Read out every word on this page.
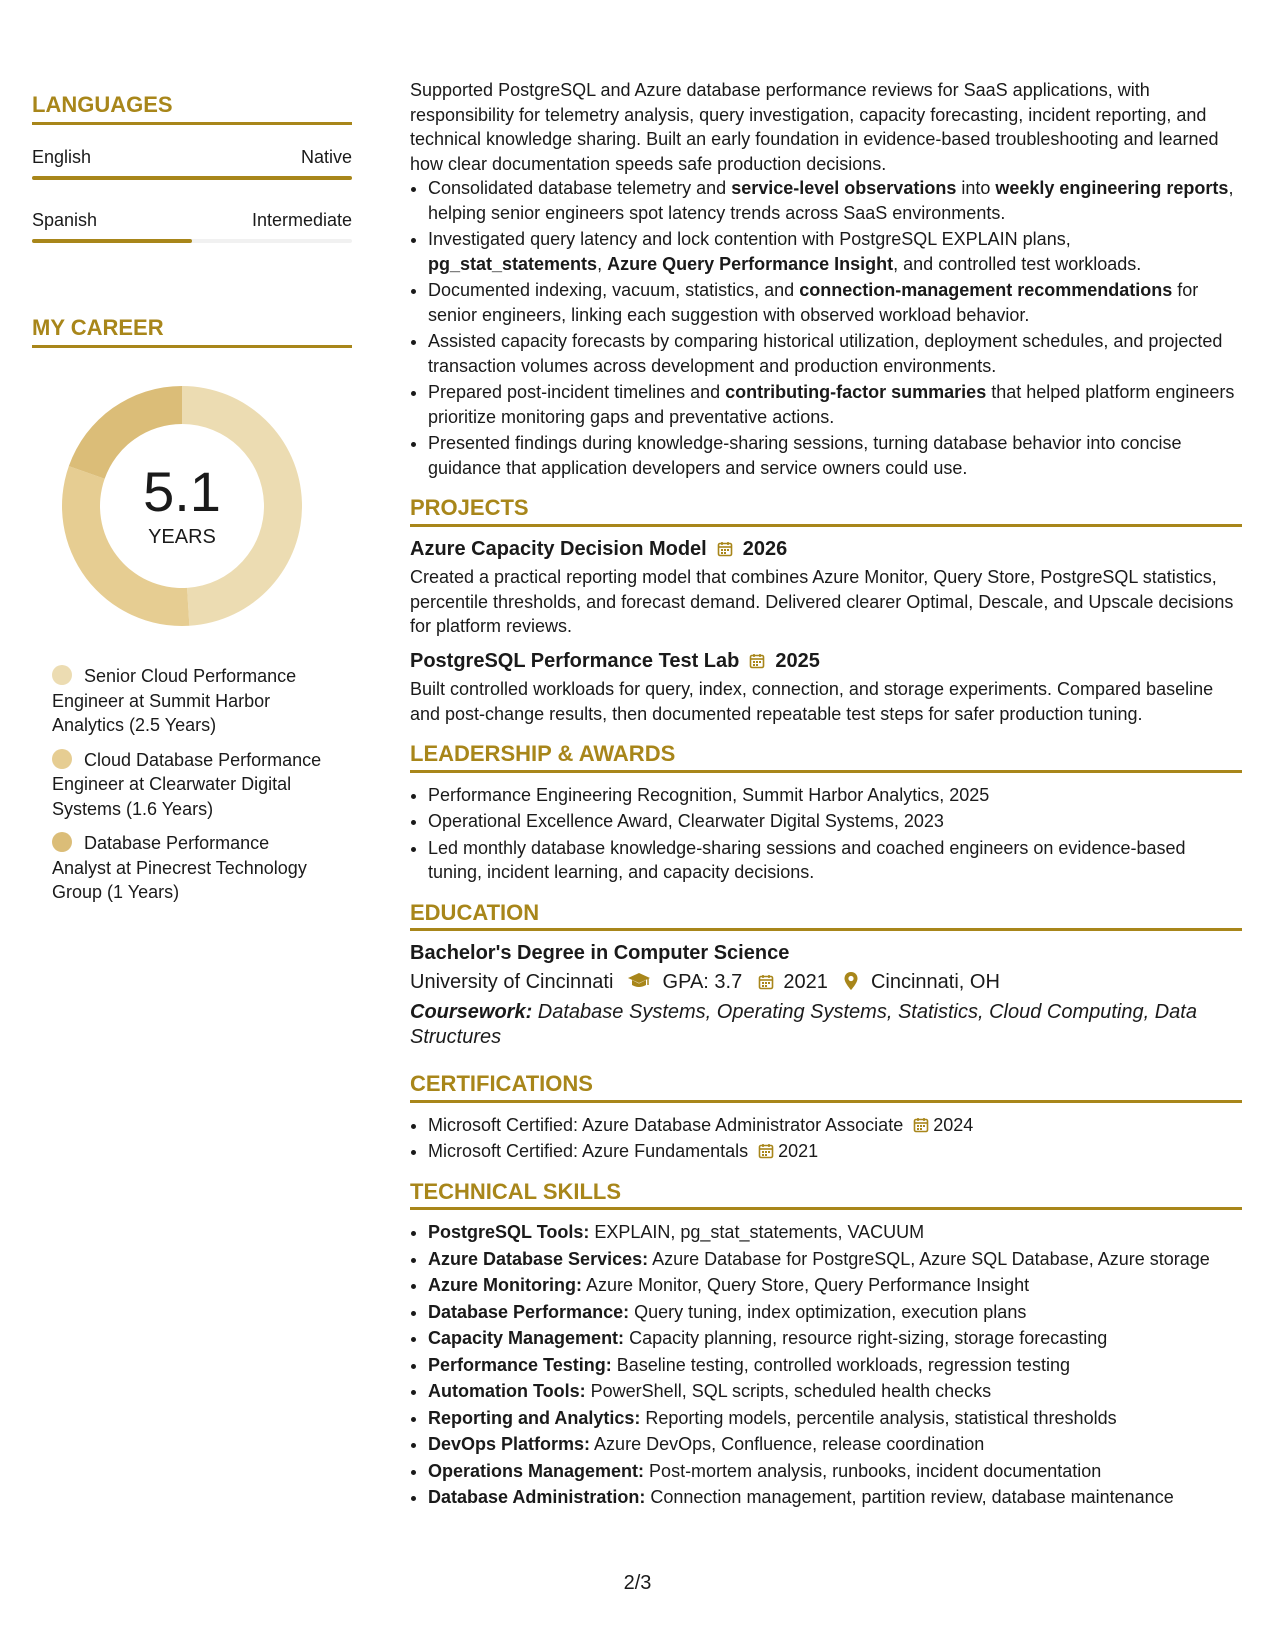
LANGUAGES
English	Native
Spanish	Intermediate
MY CAREER
5.1
YEARS
Senior Cloud Performance Engineer at Summit Harbor Analytics (2.5 Years)
Cloud Database Performance Engineer at Clearwater Digital Systems (1.6 Years)
Database Performance Analyst at Pinecrest Technology Group (1 Years)

Supported PostgreSQL and Azure database performance reviews for SaaS applications, with responsibility for telemetry analysis, query investigation, capacity forecasting, incident reporting, and technical knowledge sharing. Built an early foundation in evidence-based troubleshooting and learned how clear documentation speeds safe production decisions.

• Consolidated database telemetry and service-level observations into weekly engineering reports, helping senior engineers spot latency trends across SaaS environments.
• Investigated query latency and lock contention with PostgreSQL EXPLAIN plans, pg_stat_statements, Azure Query Performance Insight, and controlled test workloads.
• Documented indexing, vacuum, statistics, and connection-management recommendations for senior engineers, linking each suggestion with observed workload behavior.
• Assisted capacity forecasts by comparing historical utilization, deployment schedules, and projected transaction volumes across development and production environments.
• Prepared post-incident timelines and contributing-factor summaries that helped platform engineers prioritize monitoring gaps and preventative actions.
• Presented findings during knowledge-sharing sessions, turning database behavior into concise guidance that application developers and service owners could use.
PROJECTS
Azure Capacity Decision Model 2026

Created a practical reporting model that combines Azure Monitor, Query Store, PostgreSQL statistics, percentile thresholds, and forecast demand. Delivered clearer Optimal, Descale, and Upscale decisions for platform reviews.

PostgreSQL Performance Test Lab 2025

Built controlled workloads for query, index, connection, and storage experiments. Compared baseline and post-change results, then documented repeatable test steps for safer production tuning.

LEADERSHIP & AWARDS
• Performance Engineering Recognition, Summit Harbor Analytics, 2025
• Operational Excellence Award, Clearwater Digital Systems, 2023
• Led monthly database knowledge-sharing sessions and coached engineers on evidence-based tuning, incident learning, and capacity decisions.
EDUCATION
Bachelor's Degree in Computer Science
University of Cincinnati GPA: 3.7 2021 Cincinnati, OH

Coursework: Database Systems, Operating Systems, Statistics, Cloud Computing, Data Structures

CERTIFICATIONS
• Microsoft Certified: Azure Database Administrator Associate 2024
• Microsoft Certified: Azure Fundamentals 2021
TECHNICAL SKILLS
• PostgreSQL Tools: EXPLAIN, pg_stat_statements, VACUUM
• Azure Database Services: Azure Database for PostgreSQL, Azure SQL Database, Azure storage
• Azure Monitoring: Azure Monitor, Query Store, Query Performance Insight
• Database Performance: Query tuning, index optimization, execution plans
• Capacity Management: Capacity planning, resource right-sizing, storage forecasting
• Performance Testing: Baseline testing, controlled workloads, regression testing
• Automation Tools: PowerShell, SQL scripts, scheduled health checks
• Reporting and Analytics: Reporting models, percentile analysis, statistical thresholds
• DevOps Platforms: Azure DevOps, Confluence, release coordination
• Operations Management: Post-mortem analysis, runbooks, incident documentation
• Database Administration: Connection management, partition review, database maintenance
2/3
